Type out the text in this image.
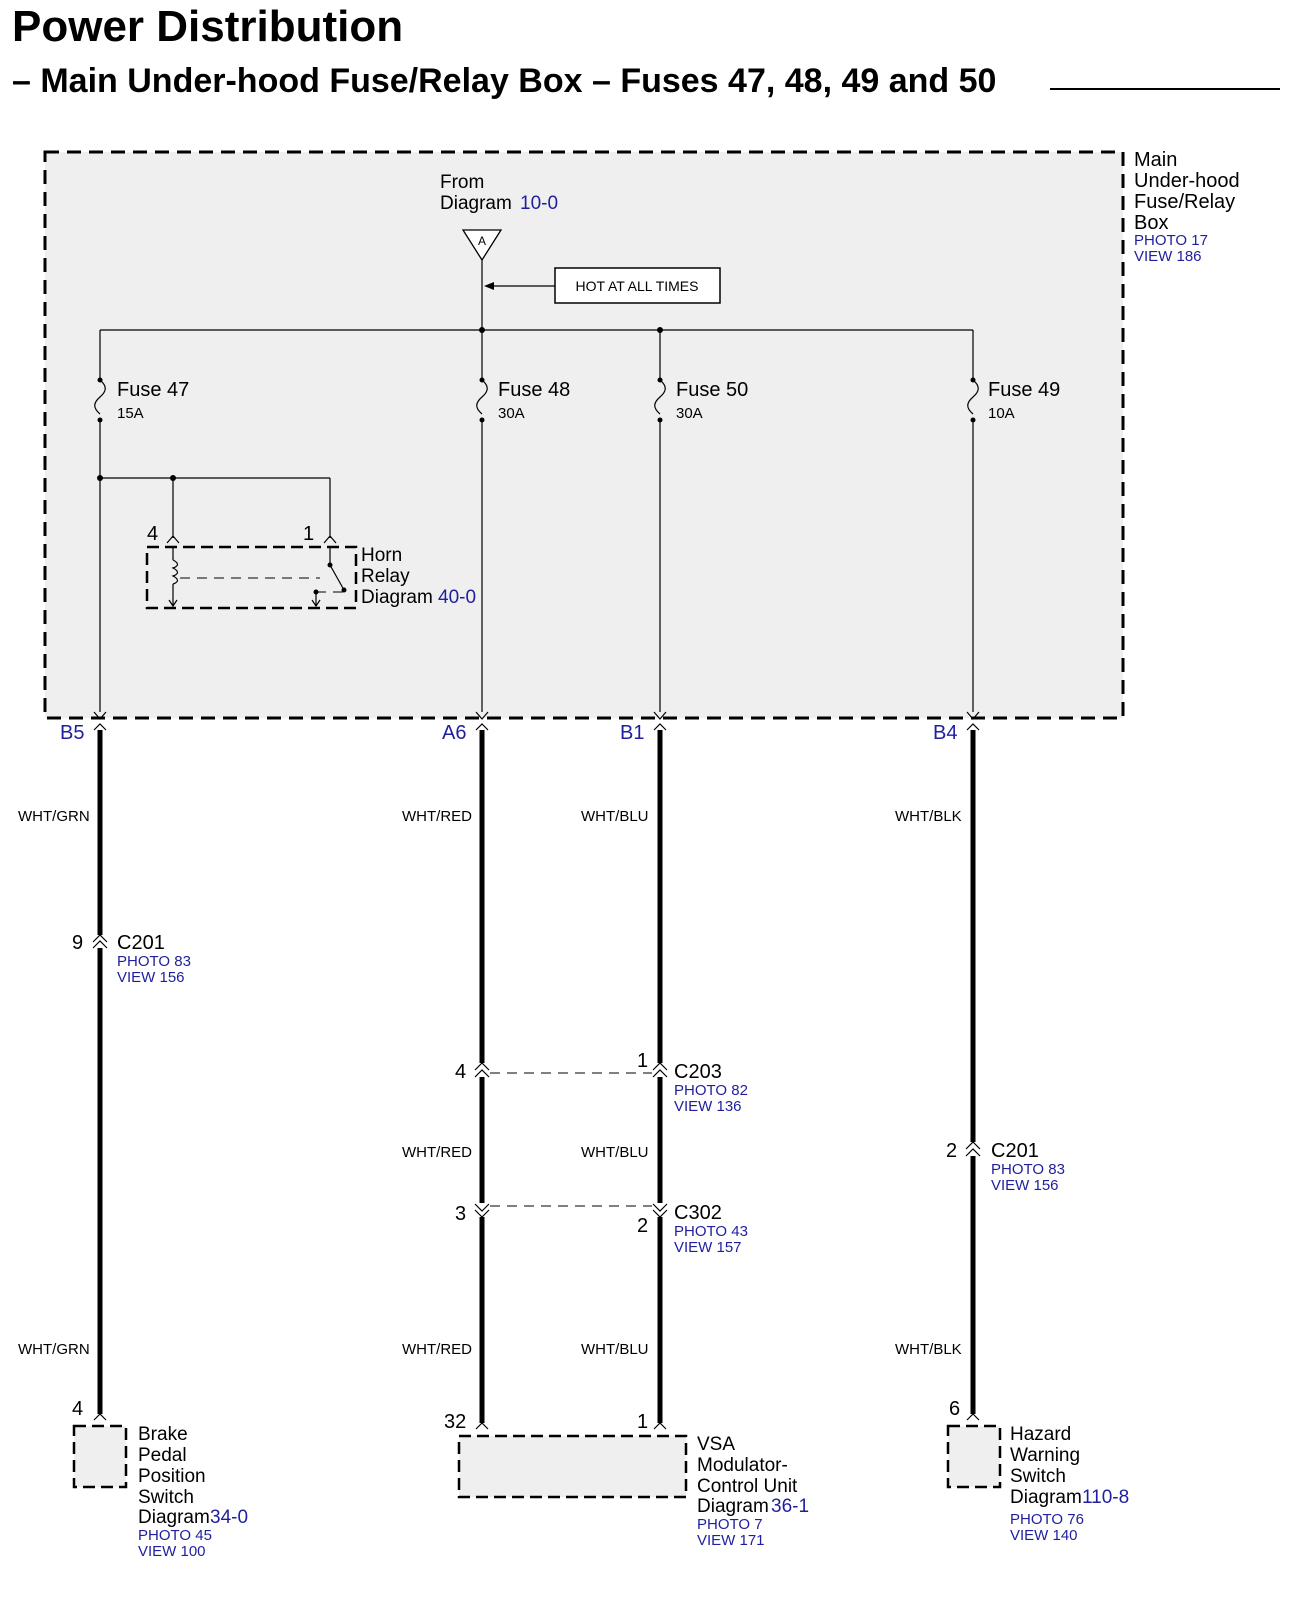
Power Distribution
– Main Under-hood Fuse/Relay Box – Fuses 47, 48, 49 and 50
Main
Under-hood
Fuse/Relay
Box
PHOTO 17
VIEW 186
From
Diagram 10-0
A
HOT AT ALL TIMES
Fuse 47
15A
Fuse 48
30A
Fuse 50
30A
Fuse 49
10A
4	1
Horn
Relay
Diagram 40-0
B5	A6	B1	B4
WHT/GRN	WHT/RED	WHT/BLU	WHT/BLK
WHT/RED	WHT/BLU
WHT/GRN	WHT/RED	WHT/BLU	WHT/BLK
9 C201
PHOTO 83
VIEW 156
4	1 C203
PHOTO 82
VIEW 136
3
2
C302
PHOTO 43
VIEW 157
2 C201
PHOTO 83
VIEW 156
4
Brake
Pedal
Position
Switch
Diagram 34-0
PHOTO 45
VIEW 100
32	1
VSA
Modulator-
Control Unit
Diagram 36-1
PHOTO 7
VIEW 171
6
Hazard
Warning
Switch
Diagram 110-8
PHOTO 76
VIEW 140
